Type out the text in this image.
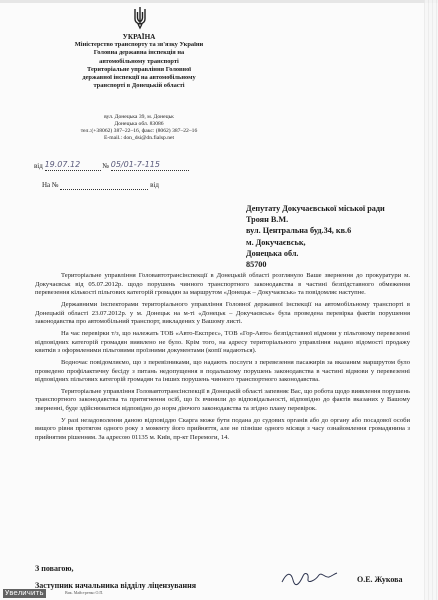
УКРАЇНА
Міністерство транспорту та зв'язку України
Головна державна інспекція на
автомобільному транспорті
Територіальне управління Головної
державної інспекції на автомобільному
транспорті в Донецькій області
вул. Донецька 39, м. Донецьк
Донецька обл. 83086
тел.:(+38062) 387–22–16, факс: (8062) 387–22–16
E-mail.: don_dsi@dn.fialsp.net
від 19.07.12	№ 05/01-7-115
На №	від
Депутату Докучаєвської міської ради
Троян В.М.
вул. Центральна буд.34, кв.6
м. Докучаєвськ,
Донецька обл.
85700

Територіальне управління Головавтотрансінспекції в Донецькій області розглянуло Ваше звернення до прокуратури м. Докучаєвськ від 05.07.2012р. щодо порушень чинного транспортного законодавства в частині безпідставного обмеження перевезення кількості пільгових категорій громадян за маршрутом «Донецьк – Докучаєвськ» та повідомляє наступне.

Державними інспекторами територіального управління Головної державної інспекції на автомобільному транспорті в Донецькій області 23.07.2012р. у м. Донецьк на м-ті «Донецьк – Докучаєвськ» була проведена перевірка фактів порушення законодавства про автомобільний транспорт, викладених у Вашому листі.

На час перевірки т/з, що належать ТОВ «Авто-Експрес», ТОВ «Гор-Авто» безпідставної відмови у пільговому перевезенні відповідних категорій громадян виявлено не було. Крім того, на адресу територіального управління надано відомості продажу квитків з оформленими пільговими проїзними документами (копії надаються).

Водночас повідомляємо, що з перевізниками, що надають послуги з перевезення пасажирів за вказаним маршрутом було проведено профілактичну бесіду з питань недопущення в подальшому порушень законодавства в частині відмови у перевезенні відповідних пільгових категорій громадян та інших порушень чинного транспортного законодавства.

Територіальне управління Головавтотрансінспекції в Донецькій області запевняє Вас, що робота щодо виявлення порушень транспортного законодавства та притягнення осіб, що їх вчинили до відповідальності, відповідно до фактів вказаних у Вашому зверненні, буде здійснюватися відповідно до норм діючого законодавства та згідно плану перевірок.

У разі незадоволення даною відповіддю Скарга може бути подана до судових органів або до органу або посадової особи вищого рівня протягом одного року з моменту його прийняття, але не пізніше одного місяця з часу ознайомлення громадянина з прийнятим рішенням. За адресою 01135 м. Київ, пр-кт Перемоги, 14.

З повагою,
Заступник начальника відділу ліцензування
О.Е. Жукова
Вик. Майстренко О.П.
Увеличить
